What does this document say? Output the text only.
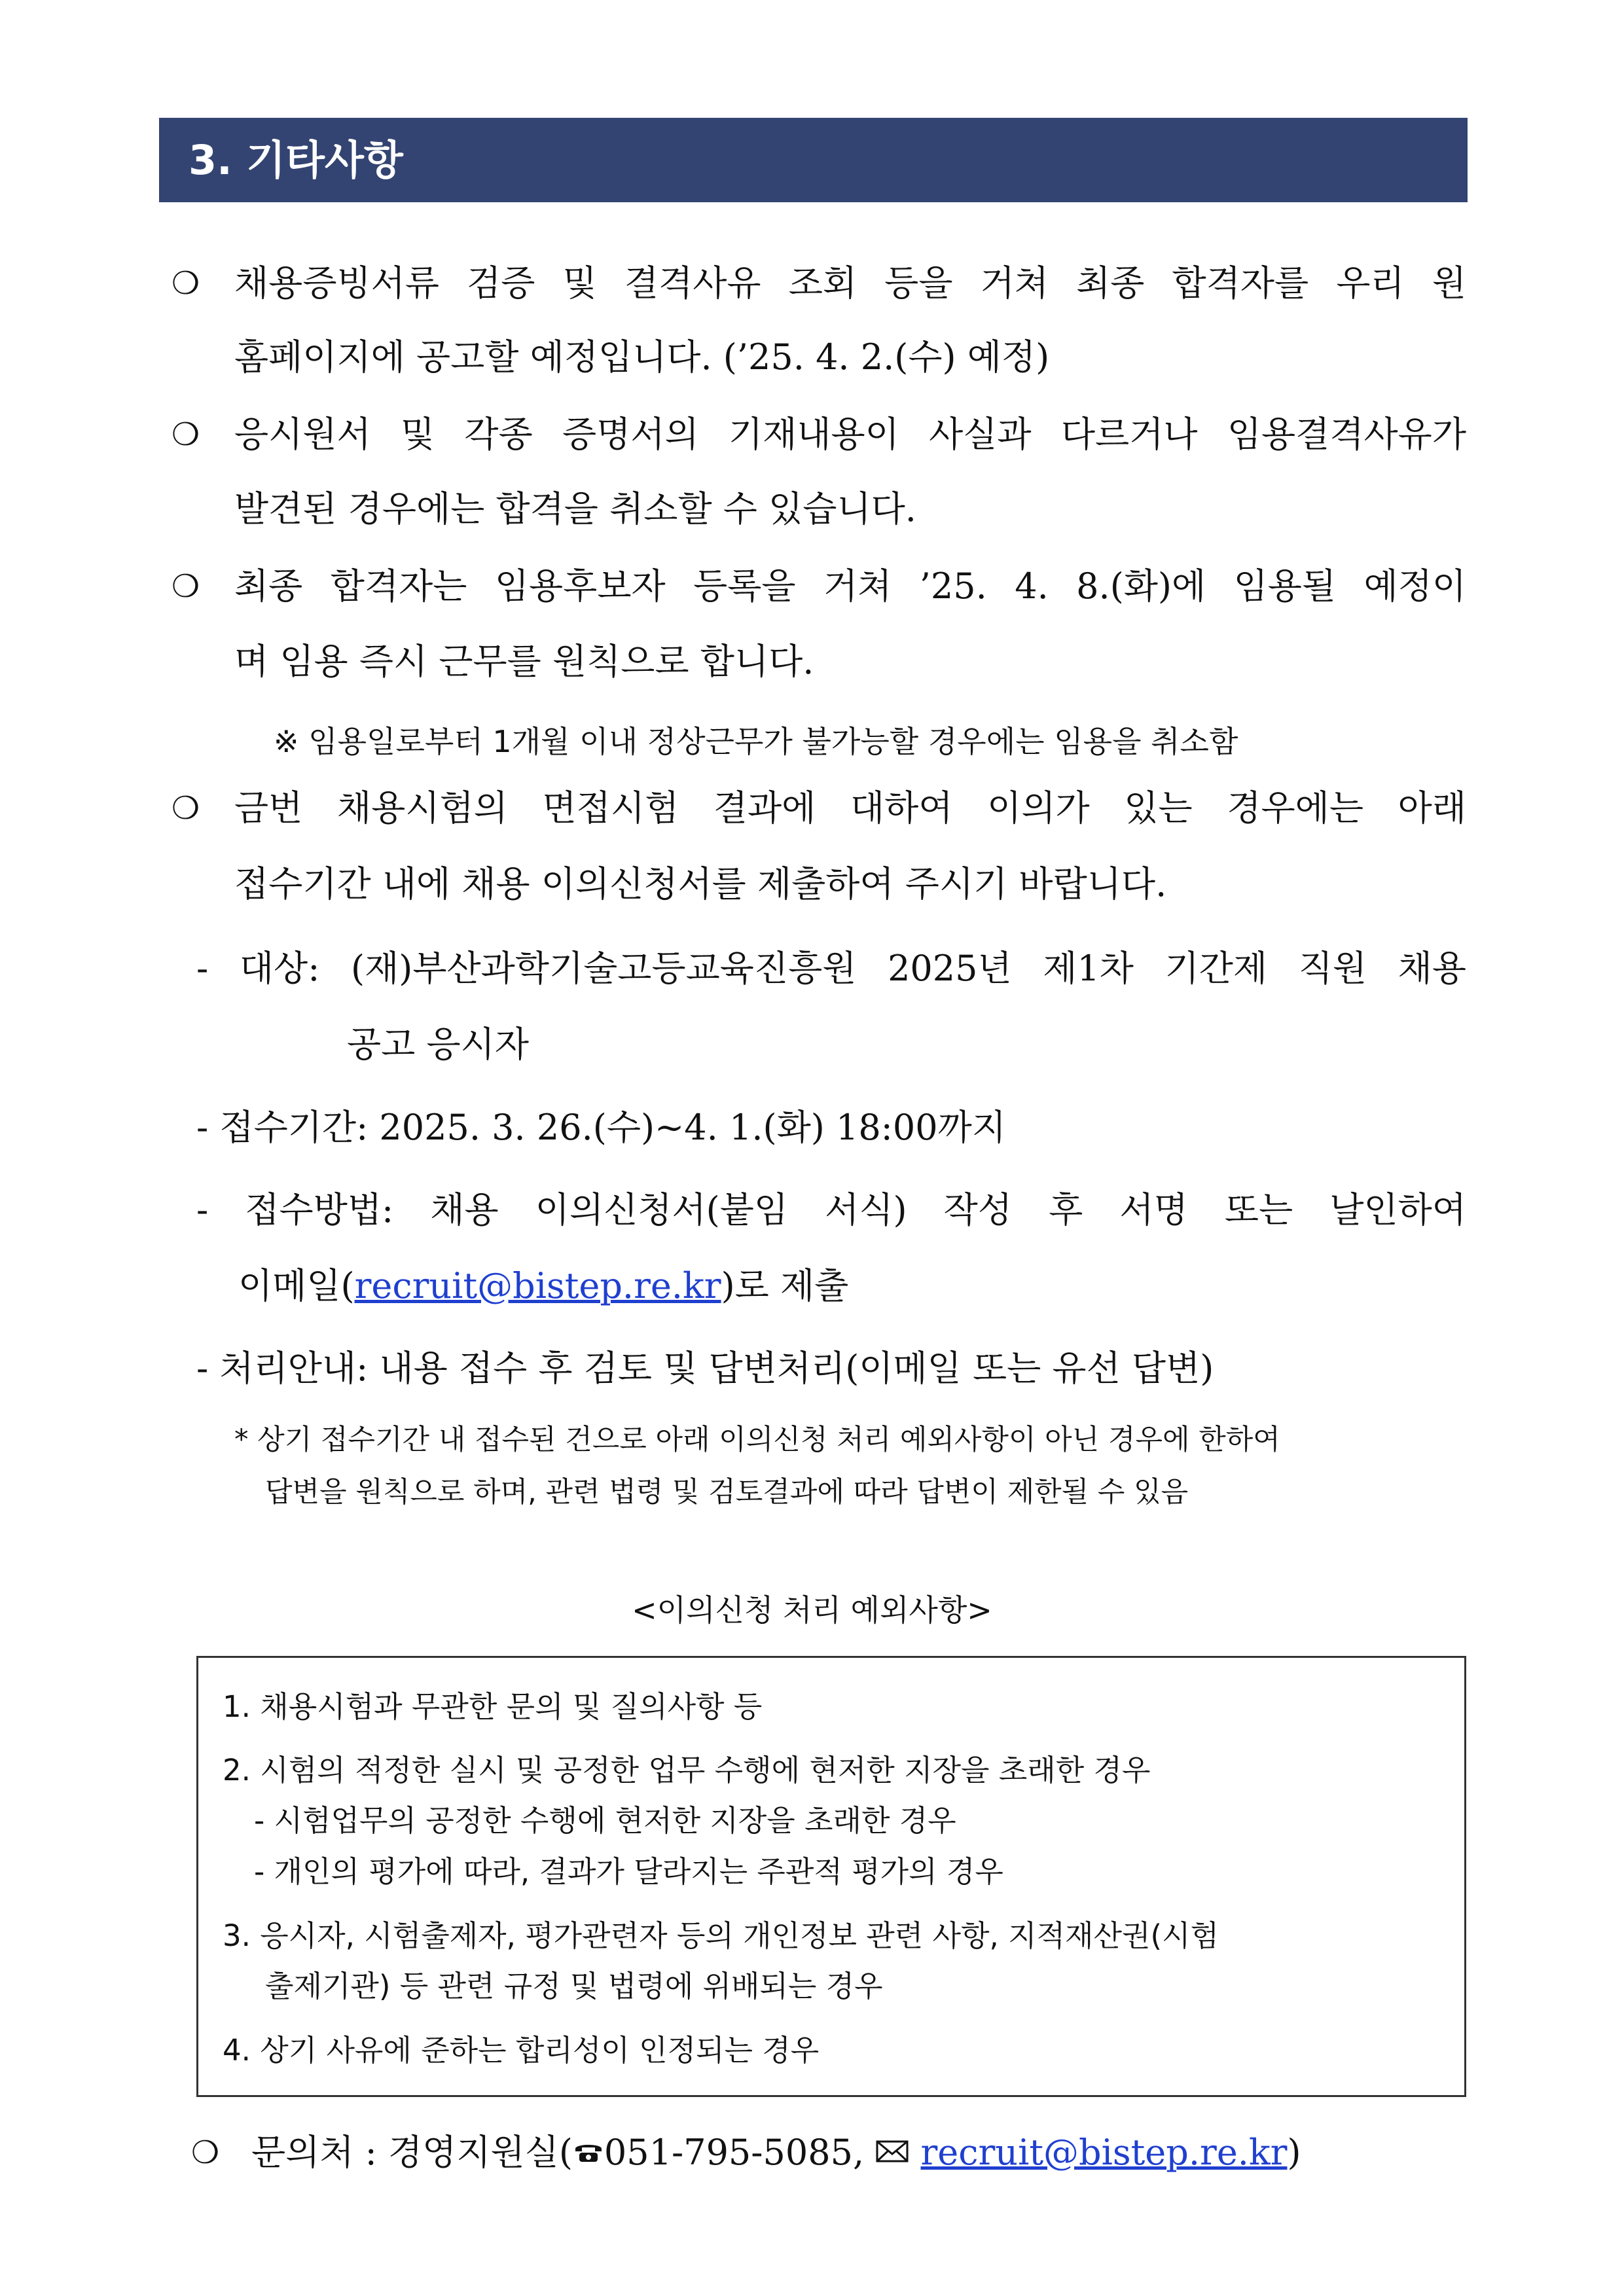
3. 기타사항
❍ 채용증빙서류 검증 및 결격사유 조회 등을 거쳐 최종 합격자를 우리 원
홈페이지에 공고할 예정입니다. (’25. 4. 2.(수) 예정)
❍ 응시원서 및 각종 증명서의 기재내용이 사실과 다르거나 임용결격사유가
발견된 경우에는 합격을 취소할 수 있습니다.
❍ 최종 합격자는 임용후보자 등록을 거쳐 ’25. 4. 8.(화)에 임용될 예정이
며 임용 즉시 근무를 원칙으로 합니다.
※ 임용일로부터 1개월 이내 정상근무가 불가능할 경우에는 임용을 취소함
❍ 금번 채용시험의 면접시험 결과에 대하여 이의가 있는 경우에는 아래
접수기간 내에 채용 이의신청서를 제출하여 주시기 바랍니다.
- 대상: (재)부산과학기술고등교육진흥원 2025년 제1차 기간제 직원 채용
공고 응시자
- 접수기간: 2025. 3. 26.(수)~4. 1.(화) 18:00까지
- 접수방법: 채용 이의신청서(붙임 서식) 작성 후 서명 또는 날인하여
이메일(recruit@bistep.re.kr)로 제출
- 처리안내: 내용 접수 후 검토 및 답변처리(이메일 또는 유선 답변)
* 상기 접수기간 내 접수된 건으로 아래 이의신청 처리 예외사항이 아닌 경우에 한하여
답변을 원칙으로 하며, 관련 법령 및 검토결과에 따라 답변이 제한될 수 있음
<이의신청 처리 예외사항>
1. 채용시험과 무관한 문의 및 질의사항 등
2. 시험의 적정한 실시 및 공정한 업무 수행에 현저한 지장을 초래한 경우
- 시험업무의 공정한 수행에 현저한 지장을 초래한 경우
- 개인의 평가에 따라, 결과가 달라지는 주관적 평가의 경우
3. 응시자, 시험출제자, 평가관련자 등의 개인정보 관련 사항, 지적재산권(시험
출제기관) 등 관련 규정 및 법령에 위배되는 경우
4. 상기 사유에 준하는 합리성이 인정되는 경우
❍ 문의처 : 경영지원실( 051-795-5085, recruit@bistep.re.kr)
